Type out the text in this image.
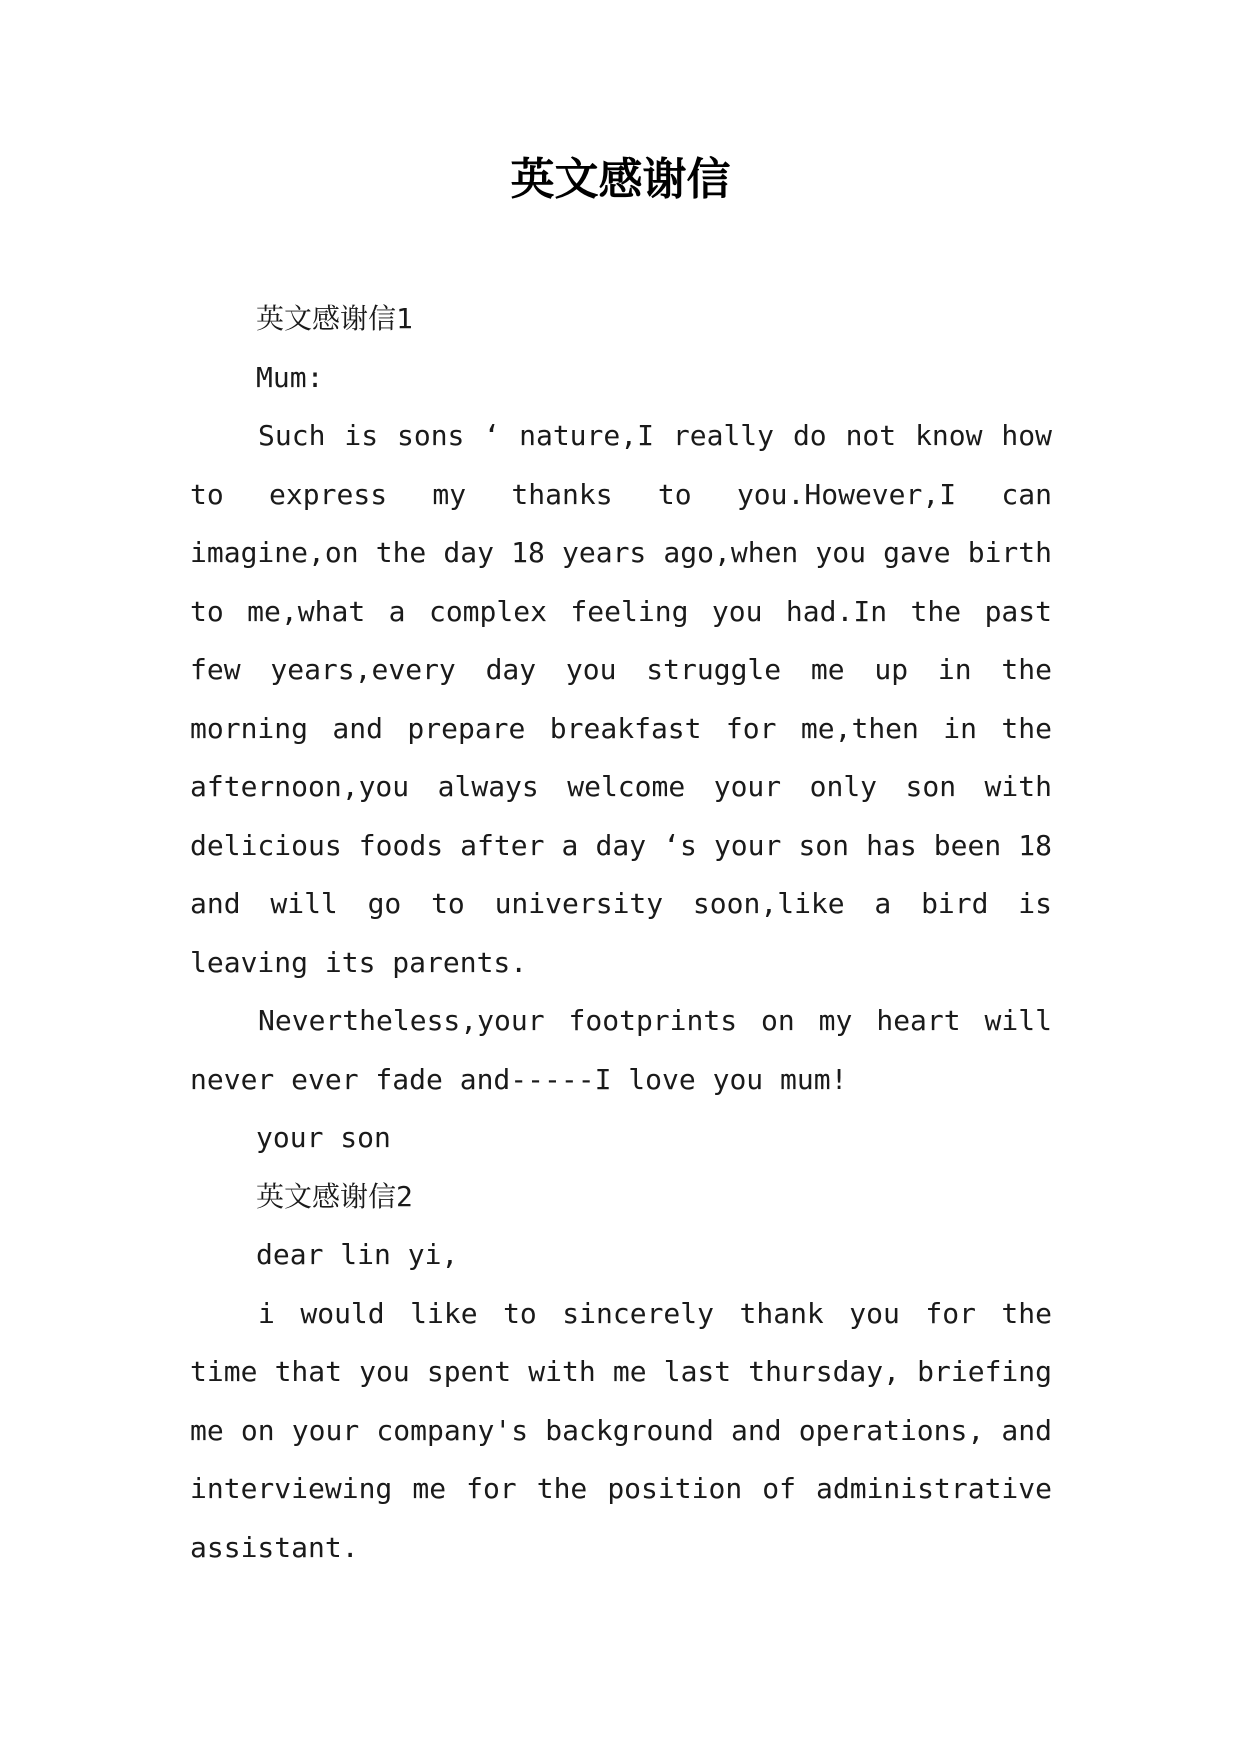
英文感谢信

英文感谢信1

Mum:

Such is sons ‘ nature,I really do not know how to express my thanks to you.However,I can imagine,on the day 18 years ago,when you gave birth to me,what a complex feeling you had.In the past few years,every day you struggle me up in the morning and prepare breakfast for me,then in the afternoon,you always welcome your only son with delicious foods after a day ‘s your son has been 18 and will go to university soon,like a bird is leaving its parents.

Nevertheless,your footprints on my heart will never ever fade and-----I love you mum!

your son

英文感谢信2

dear lin yi,

i would like to sincerely thank you for the time that you spent with me last thursday, briefing me on your company's background and operations, and interviewing me for the position of administrative assistant.
